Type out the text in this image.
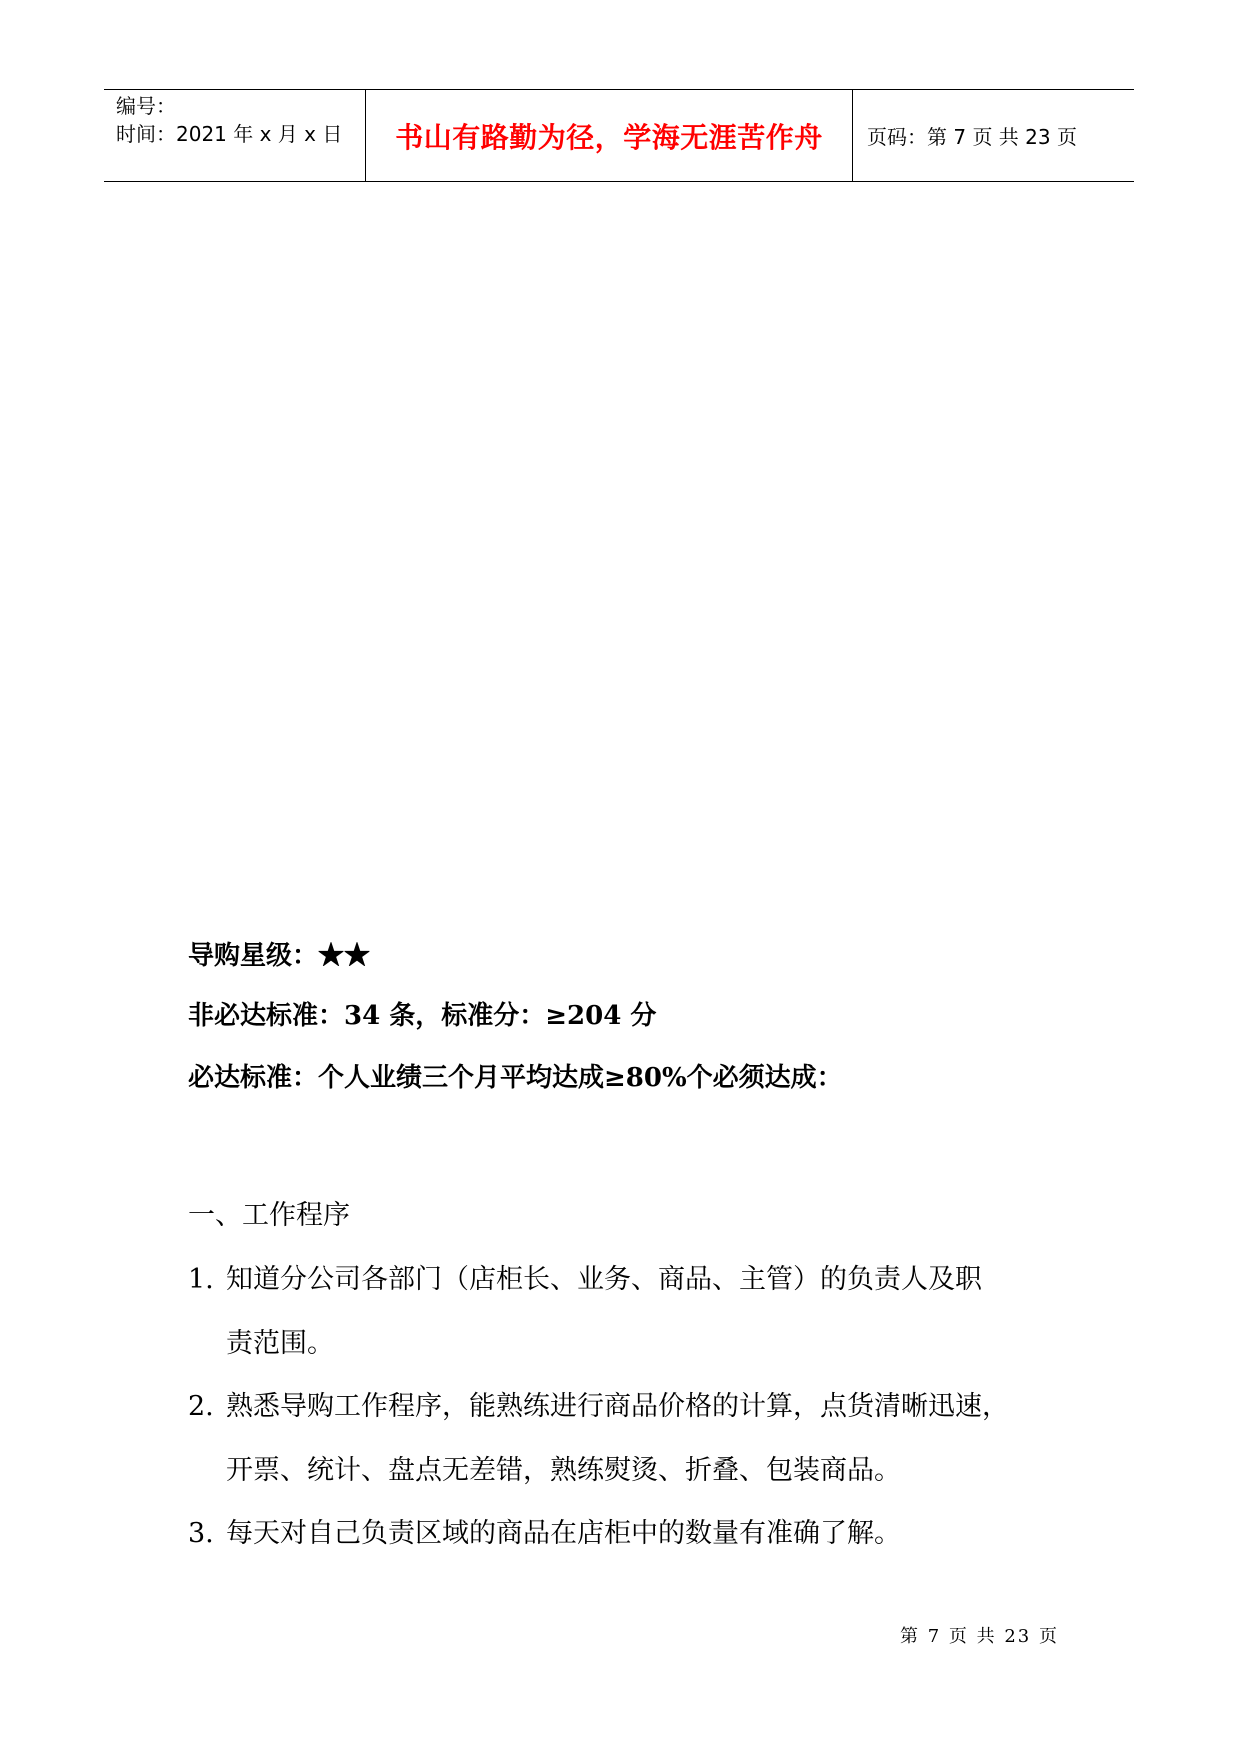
编号：
时间：2021 年 x 月 x 日 书山有路勤为径，学海无涯苦作舟 页码：第 7 页 共 23 页
导购星级：★★
非必达标准：34 条，标准分：≥204 分
必达标准：个人业绩三个月平均达成≥80%个必须达成：
一、工作程序
1. 知道分公司各部门（店柜长、业务、商品、主管）的负责人及职
责范围。
2. 熟悉导购工作程序，能熟练进行商品价格的计算，点货清晰迅速，
开票、统计、盘点无差错，熟练熨烫、折叠、包装商品。
3. 每天对自己负责区域的商品在店柜中的数量有准确了解。
第 7 页 共 23 页
